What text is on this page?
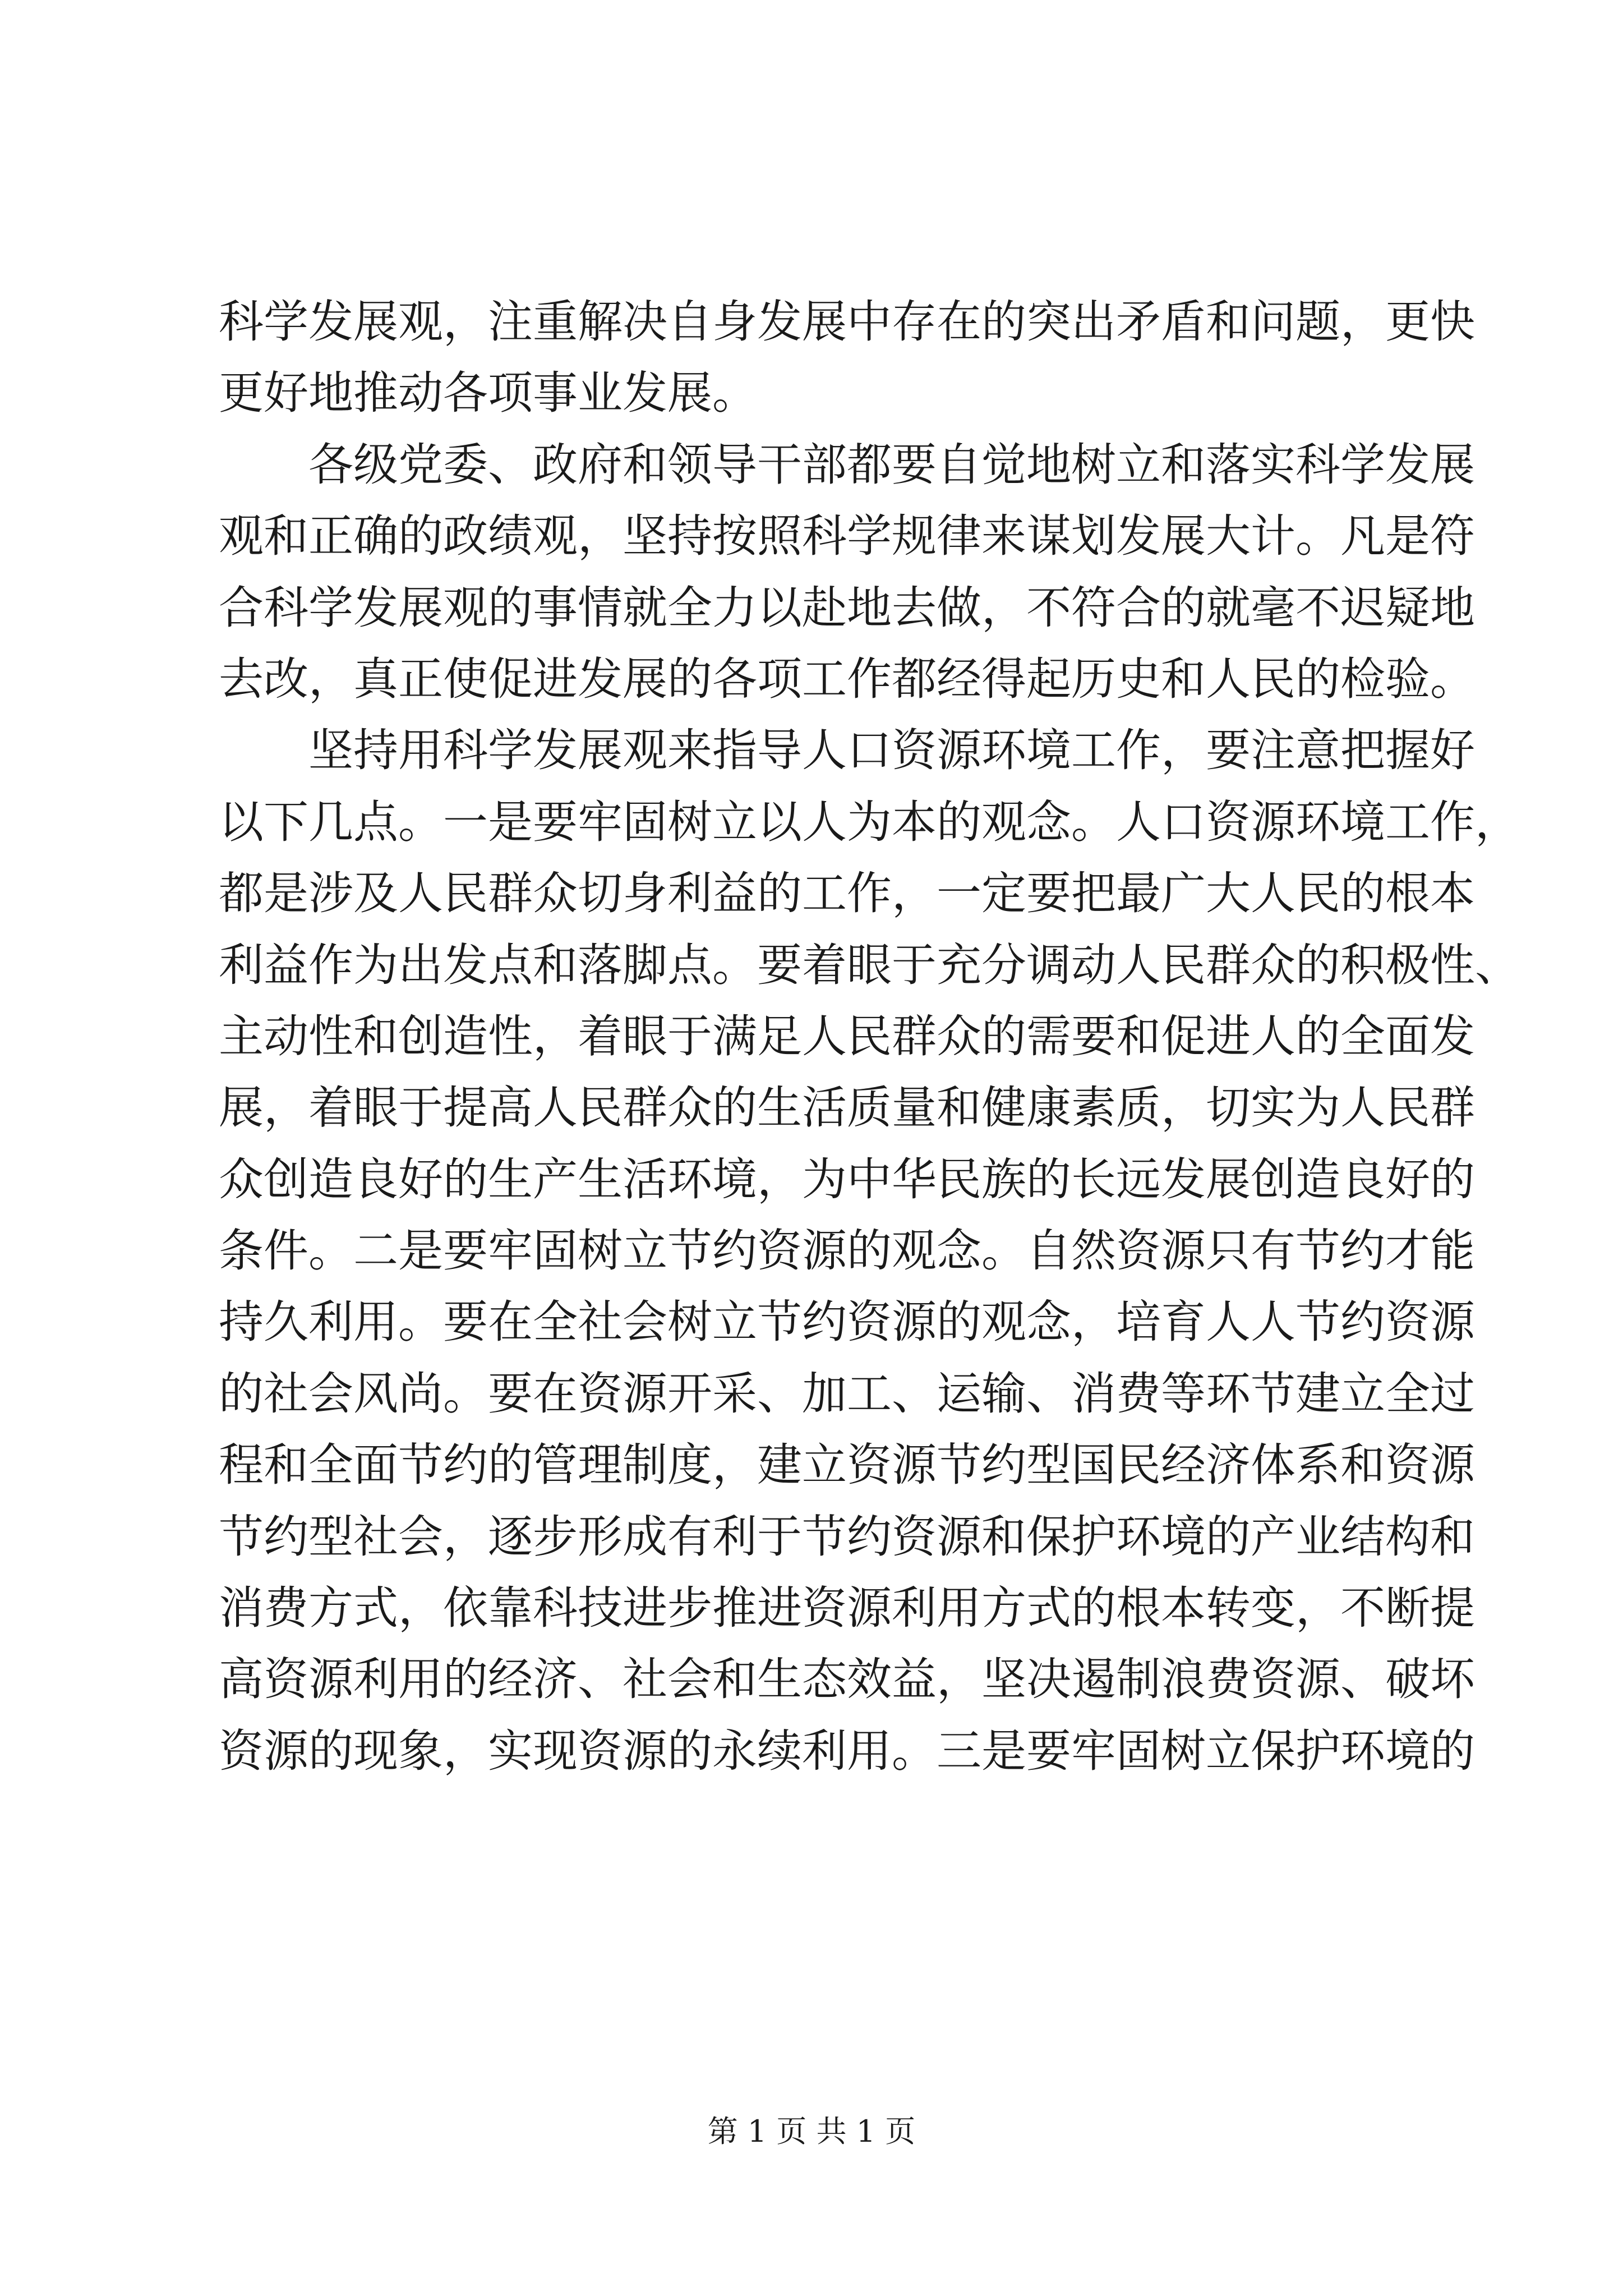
科 学 发 展 观 ， 注 重 解 决 自 身 发 展 中 存 在 的 突 出 矛 盾 和 问 题 ， 更 快
更好地推动各项事业发展。
各 级 党 委 、 政 府 和 领 导 干 部 都 要 自 觉 地 树 立 和 落 实 科 学 发 展
观 和 正 确 的 政 绩 观 ， 坚 持 按 照 科 学 规 律 来 谋 划 发 展 大 计 。 凡 是 符
合 科 学 发 展 观 的 事 情 就 全 力 以 赴 地 去 做 ， 不 符 合 的 就 毫 不 迟 疑 地
去 改 ， 真 正 使 促 进 发 展 的 各 项 工 作 都 经 得 起 历 史 和 人 民 的 检 验 。
坚 持 用 科 学 发 展 观 来 指 导 人 口 资 源 环 境 工 作 ， 要 注 意 把 握 好
以 下 几 点 。 一 是 要 牢 固 树 立 以 人 为 本 的 观 念 。 人 口 资 源 环 境 工 作 ，
都 是 涉 及 人 民 群 众 切 身 利 益 的 工 作 ， 一 定 要 把 最 广 大 人 民 的 根 本
利 益 作 为 出 发 点 和 落 脚 点 。 要 着 眼 于 充 分 调 动 人 民 群 众 的 积 极 性 、
主 动 性 和 创 造 性 ， 着 眼 于 满 足 人 民 群 众 的 需 要 和 促 进 人 的 全 面 发
展 ， 着 眼 于 提 高 人 民 群 众 的 生 活 质 量 和 健 康 素 质 ， 切 实 为 人 民 群
众 创 造 良 好 的 生 产 生 活 环 境 ， 为 中 华 民 族 的 长 远 发 展 创 造 良 好 的
条 件 。 二 是 要 牢 固 树 立 节 约 资 源 的 观 念 。 自 然 资 源 只 有 节 约 才 能
持 久 利 用 。 要 在 全 社 会 树 立 节 约 资 源 的 观 念 ， 培 育 人 人 节 约 资 源
的 社 会 风 尚 。 要 在 资 源 开 采 、 加 工 、 运 输 、 消 费 等 环 节 建 立 全 过
程 和 全 面 节 约 的 管 理 制 度 ， 建 立 资 源 节 约 型 国 民 经 济 体 系 和 资 源
节 约 型 社 会 ， 逐 步 形 成 有 利 于 节 约 资 源 和 保 护 环 境 的 产 业 结 构 和
消 费 方 式 ， 依 靠 科 技 进 步 推 进 资 源 利 用 方 式 的 根 本 转 变 ， 不 断 提
高 资 源 利 用 的 经 济 、 社 会 和 生 态 效 益 ， 坚 决 遏 制 浪 费 资 源 、 破 坏
资 源 的 现 象 ， 实 现 资 源 的 永 续 利 用 。 三 是 要 牢 固 树 立 保 护 环 境 的
第 1 页 共 1 页
